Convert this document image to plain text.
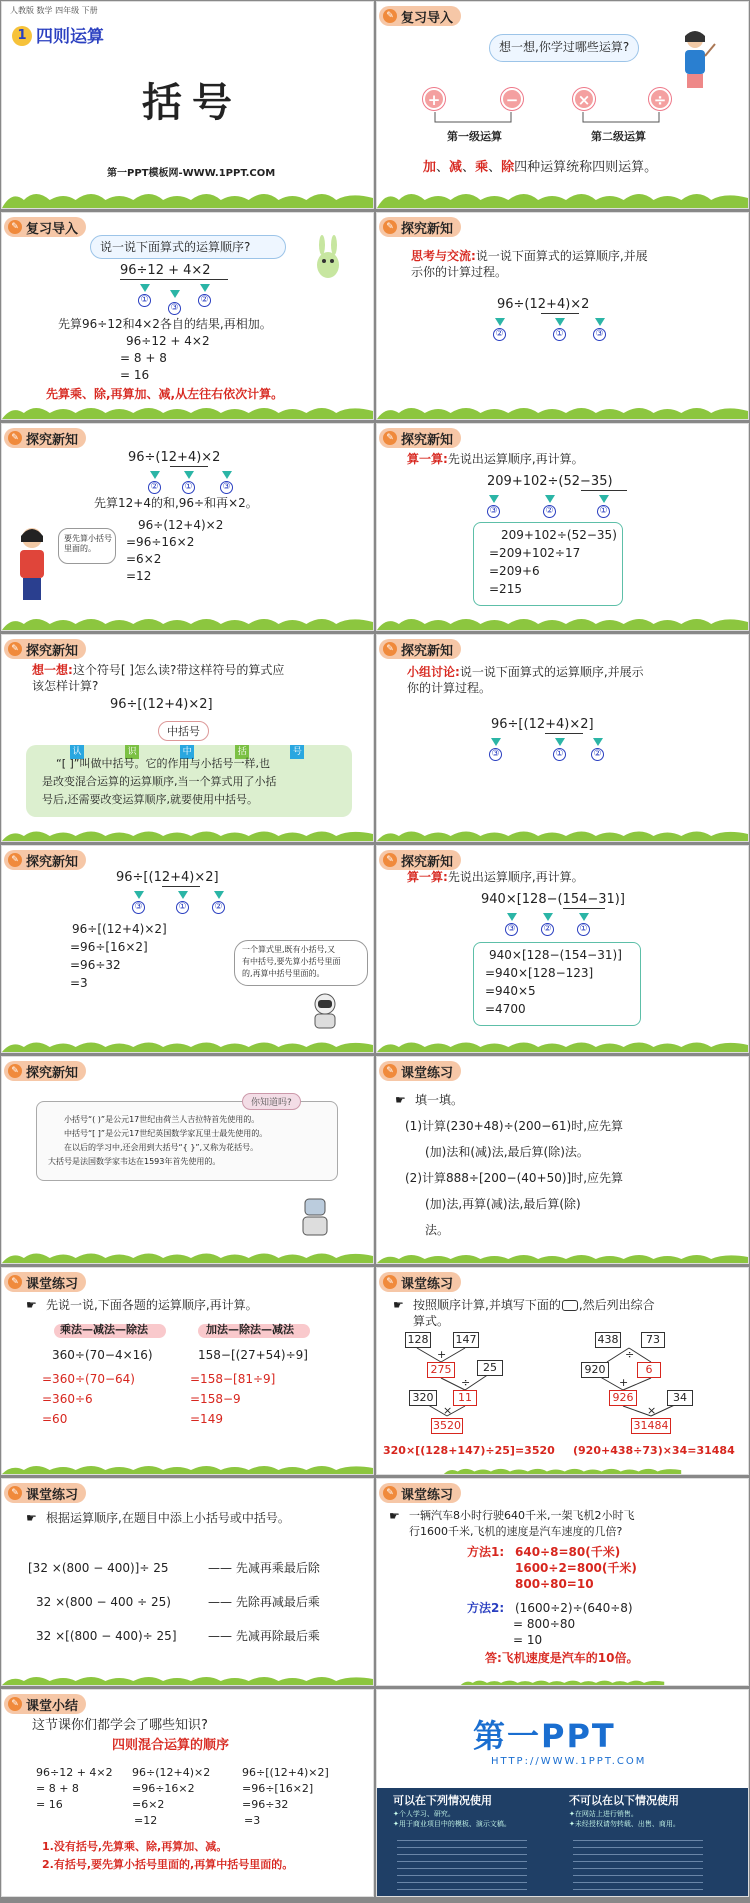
人教版 数学 四年级 下册
1 四则运算
括号
第一PPT模板网-WWW.1PPT.COM
✎ 复习导入
想一想,你学过哪些运算?
+	−	×	÷
第一级运算	第二级运算
加、减、乘、除四种运算统称四则运算。
✎ 复习导入
说一说下面算式的运算顺序?
96÷12 + 4×2
①	②
③
先算96÷12和4×2各自的结果,再相加。
96÷12 + 4×2
= 8 + 8
= 16
先算乘、除,再算加、减,从左往右依次计算。
✎ 探究新知
思考与交流:说一说下面算式的运算顺序,并展
示你的计算过程。
96÷(12+4)×2
②	①	③
✎ 探究新知
96÷(12+4)×2
②	①	③
先算12+4的和,96÷和再×2。
96÷(12+4)×2
=96÷16×2
=6×2
=12
要先算小括号里面的。
✎ 探究新知
算一算:先说出运算顺序,再计算。
209+102÷(52−35)
③	②	①
209+102÷(52−35)
=209+102÷17
=209+6
=215
✎ 探究新知
想一想:这个符号[ ]怎么读?带这样符号的算式应
该怎样计算?
96÷[(12+4)×2]
中括号
认	识	中	括	号
“[ ]”叫做中括号。它的作用与小括号一样,也
是改变混合运算的运算顺序,当一个算式用了小括
号后,还需要改变运算顺序,就要使用中括号。
✎ 探究新知
小组讨论:说一说下面算式的运算顺序,并展示
你的计算过程。
96÷[(12+4)×2]
③	①	②
✎ 探究新知
96÷[(12+4)×2]
③	①	②
96÷[(12+4)×2]
=96÷[16×2]
=96÷32
=3
一个算式里,既有小括号,又
有中括号,要先算小括号里面
的,再算中括号里面的。
✎ 探究新知
算一算:先说出运算顺序,再计算。
940×[128−(154−31)]
③	②	①
940×[128−(154−31)]
=940×[128−123]
=940×5
=4700
✎ 探究新知
你知道吗?
小括号“( )”是公元17世纪由荷兰人吉拉特首先使用的。
中括号“[ ]”是公元17世纪英国数学家瓦里士最先使用的。
在以后的学习中,还会用到大括号“{ }”,又称为花括号。
大括号是法国数学家韦达在1593年首先使用的。
✎ 课堂练习
☛ 填一填。
(1)计算(230+48)÷(200−61)时,应先算
(加)法和(减)法,最后算(除)法。
(2)计算888÷[200−(40+50)]时,应先算
(加)法,再算(减)法,最后算(除)
法。
✎ 课堂练习
☛ 先说一说,下面各题的运算顺序,再计算。
乘法—减法—除法	加法—除法—减法
360÷(70−4×16)	158−[(27+54)÷9]
=360÷(70−64)
=360÷6
=60
=158−[81÷9]
=158−9
=149
✎ 课堂练习
☛ 按照顺序计算,并填写下面的 ,然后列出综合
算式。
128 147
+
275	25
÷
320	11
×
3520
438	73
÷
920	6
+
926	34
×
31484
320×[(128+147)÷25]=3520 (920+438÷73)×34=31484
✎ 课堂练习
☛ 根据运算顺序,在题目中添上小括号或中括号。
[32 ×(800 − 400)]÷ 25	—— 先减再乘最后除
32 ×(800 − 400 ÷ 25)	—— 先除再减最后乘
32 ×[(800 − 400)÷ 25]	—— 先减再除最后乘
✎ 课堂练习
☛ 一辆汽车8小时行驶640千米,一架飞机2小时飞
行1600千米,飞机的速度是汽车速度的几倍?
方法1: 640÷8=80(千米)
1600÷2=800(千米)
800÷80=10
方法2: (1600÷2)÷(640÷8)
= 800÷80
= 10
答:飞机速度是汽车的10倍。
✎ 课堂小结
这节课你们都学会了哪些知识?
四则混合运算的顺序
96÷12 + 4×2
= 8 + 8
= 16
96÷(12+4)×2
=96÷16×2
=6×2
=12
96÷[(12+4)×2]
=96÷[16×2]
=96÷32
=3
1.没有括号,先算乘、除,再算加、减。
2.有括号,要先算小括号里面的,再算中括号里面的。
第一PPT
HTTP://WWW.1PPT.COM
可以在下列情况使用	不可以在以下情况使用
✦个人学习、研究。
✦用于商业项目中的模板、演示文稿。
✦在网站上进行销售。
✦未经授权请勿转载、出售、商用。
